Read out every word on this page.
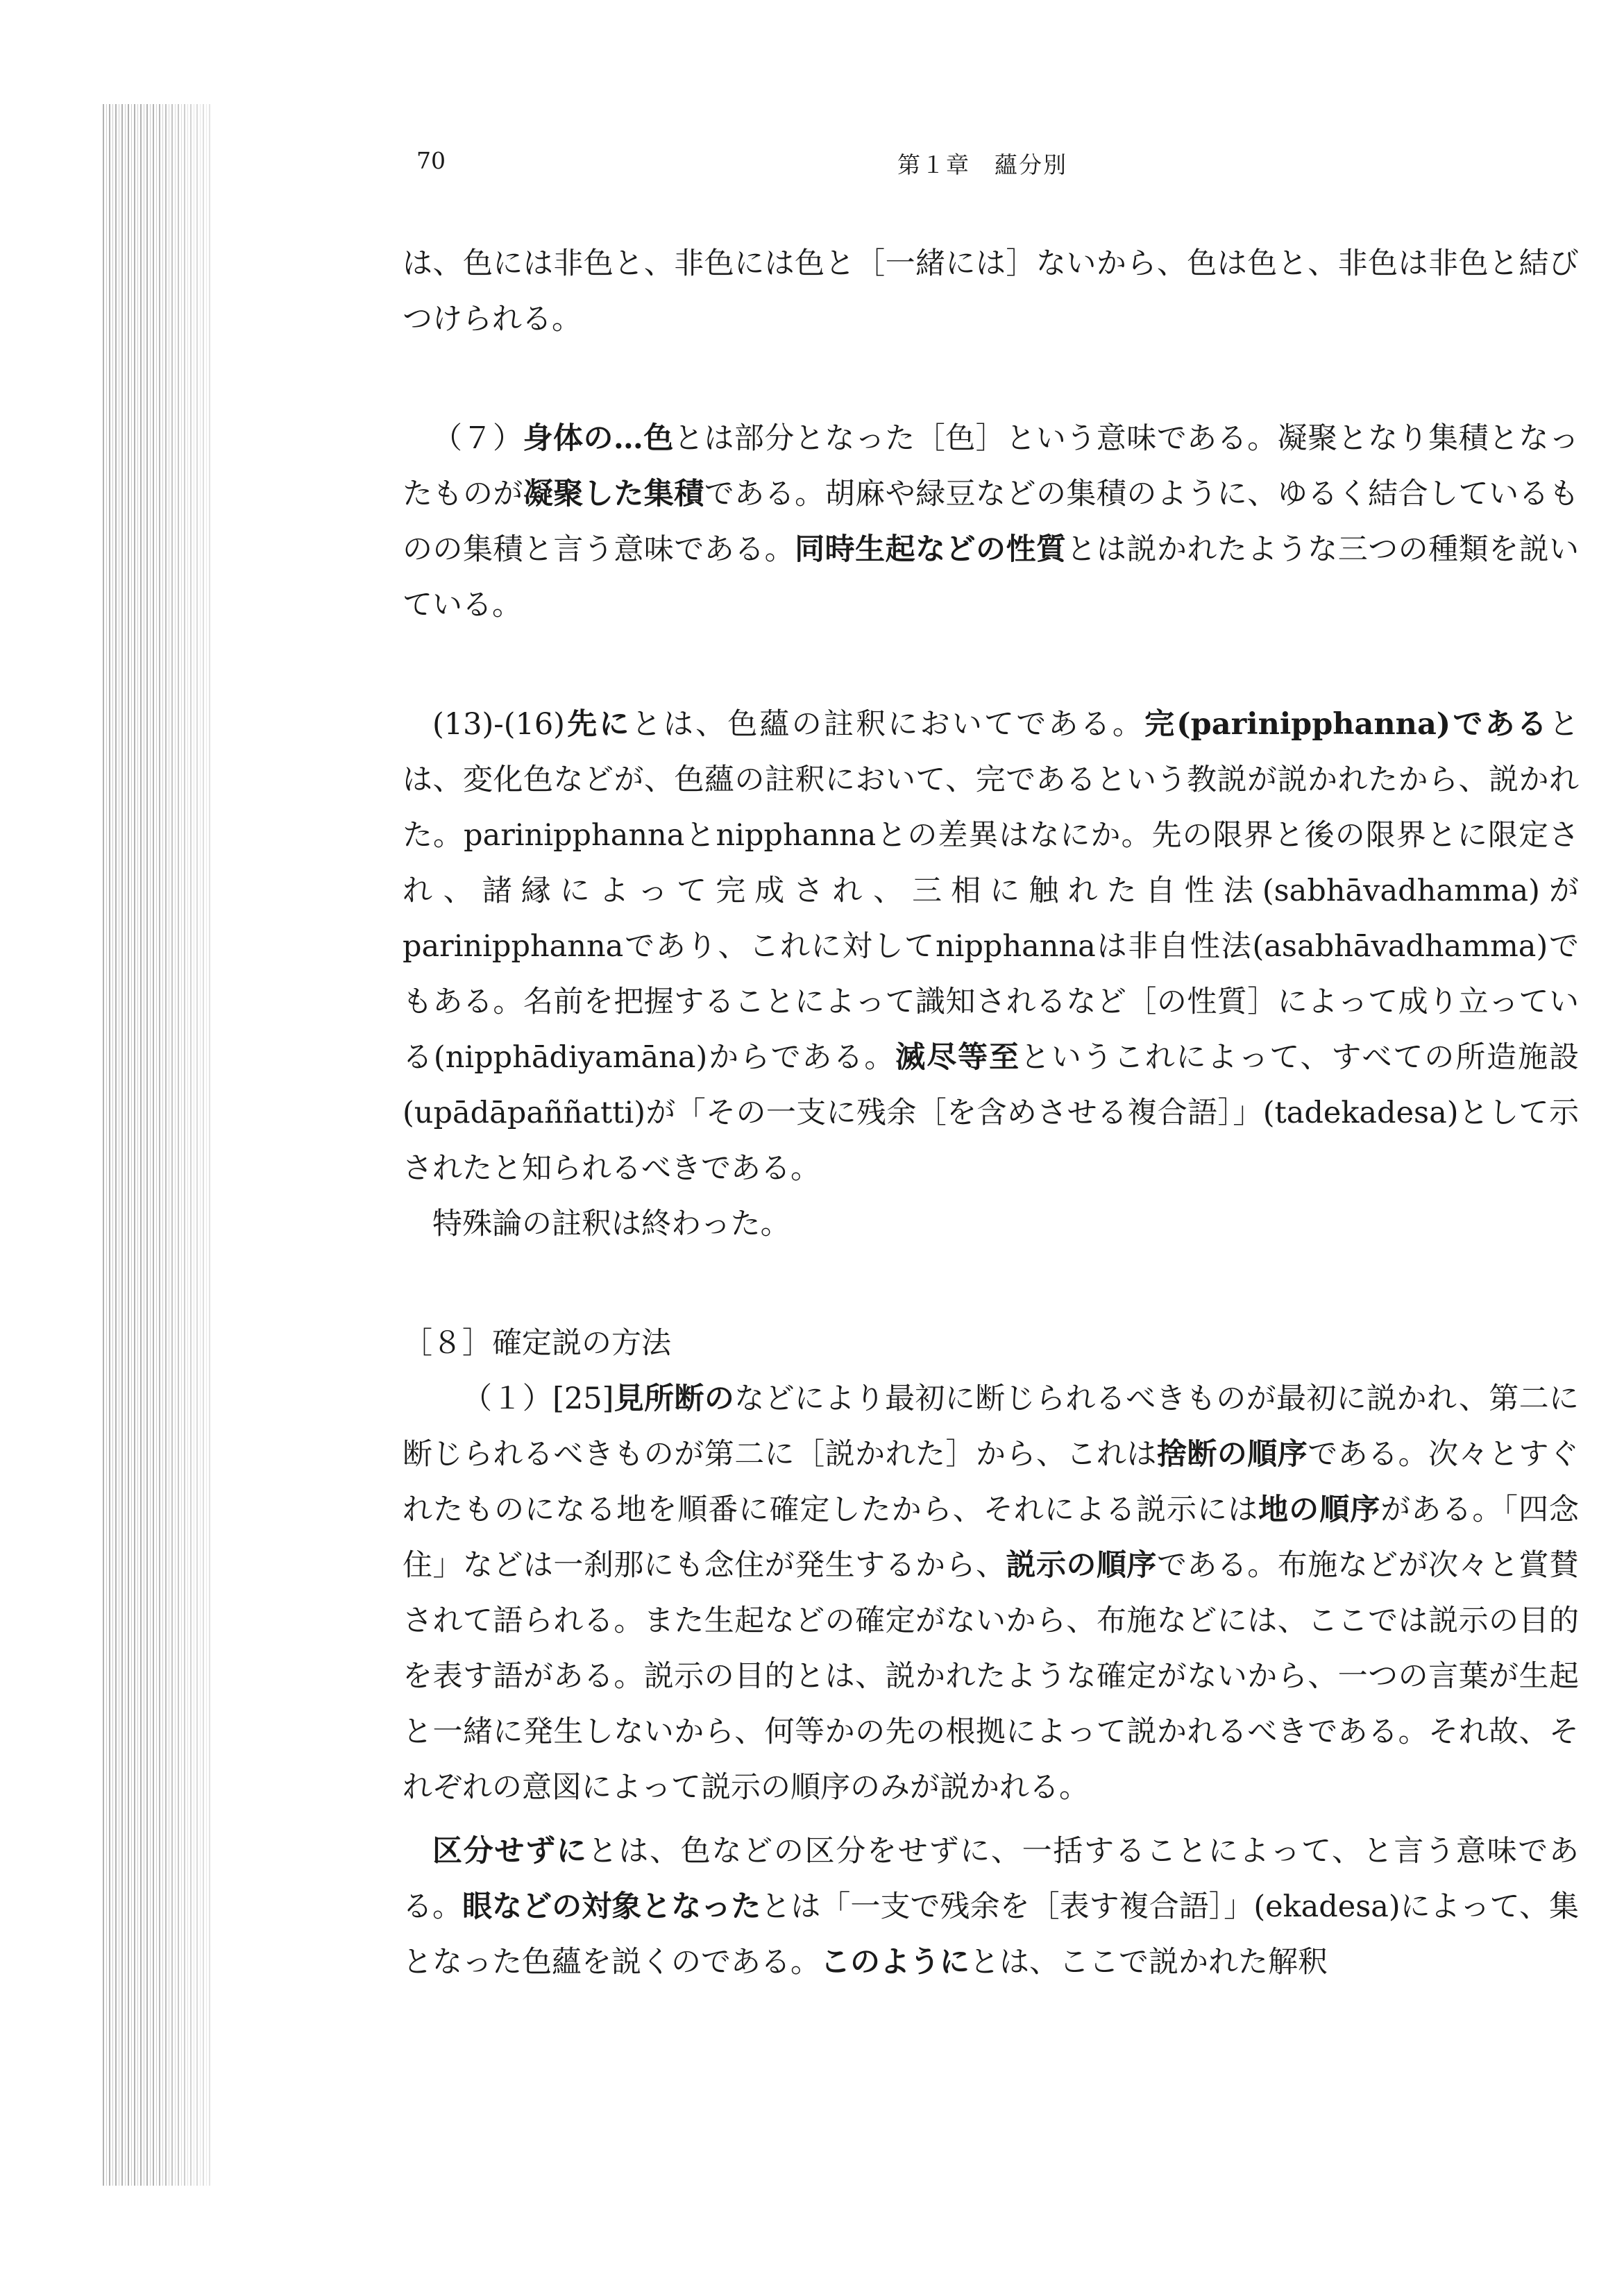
70	第１章　蘊分別

は、色には非色と、非色には色と［一緒には］ないから、色は色と、非色は非色と結びつけられる。

（７）身体の…色とは部分となった［色］という意味である。凝聚となり集積となったものが凝聚した集積である。胡麻や緑豆などの集積のように、ゆるく結合しているものの集積と言う意味である。同時生起などの性質とは説かれたような三つの種類を説いている。

(13)-(16)先にとは、色蘊の註釈においてである。完(parinipphanna)であるとは、変化色などが、色蘊の註釈において、完であるという教説が説かれたから、説かれた。parinipphannaとnipphannaとの差異はなにか。先の限界と後の限界とに限定され、諸縁によって完成され、三相に触れた自性法(sabhāvadhamma)がparinipphannaであり、これに対してnipphannaは非自性法(asabhāvadhamma)でもある。名前を把握することによって識知されるなど［の性質］によって成り立っている(nipphādiyamāna)からである。滅尽等至というこれによって、すべての所造施設(upādāpaññatti)が「その一支に残余［を含めさせる複合語］」(tadekadesa)として示されたと知られるべきである。

特殊論の註釈は終わった。

［８］確定説の方法

（１）[25]見所断のなどにより最初に断じられるべきものが最初に説かれ、第二に断じられるべきものが第二に［説かれた］から、これは捨断の順序である。次々とすぐれたものになる地を順番に確定したから、それによる説示には地の順序がある。「四念住」などは一刹那にも念住が発生するから、説示の順序である。布施などが次々と賞賛されて語られる。また生起などの確定がないから、布施などには、ここでは説示の目的を表す語がある。説示の目的とは、説かれたような確定がないから、一つの言葉が生起と一緒に発生しないから、何等かの先の根拠によって説かれるべきである。それ故、それぞれの意図によって説示の順序のみが説かれる。

区分せずにとは、色などの区分をせずに、一括することによって、と言う意味である。眼などの対象となったとは「一支で残余を［表す複合語］」(ekadesa)によって、集となった色蘊を説くのである。このようにとは、ここで説かれた解釈
